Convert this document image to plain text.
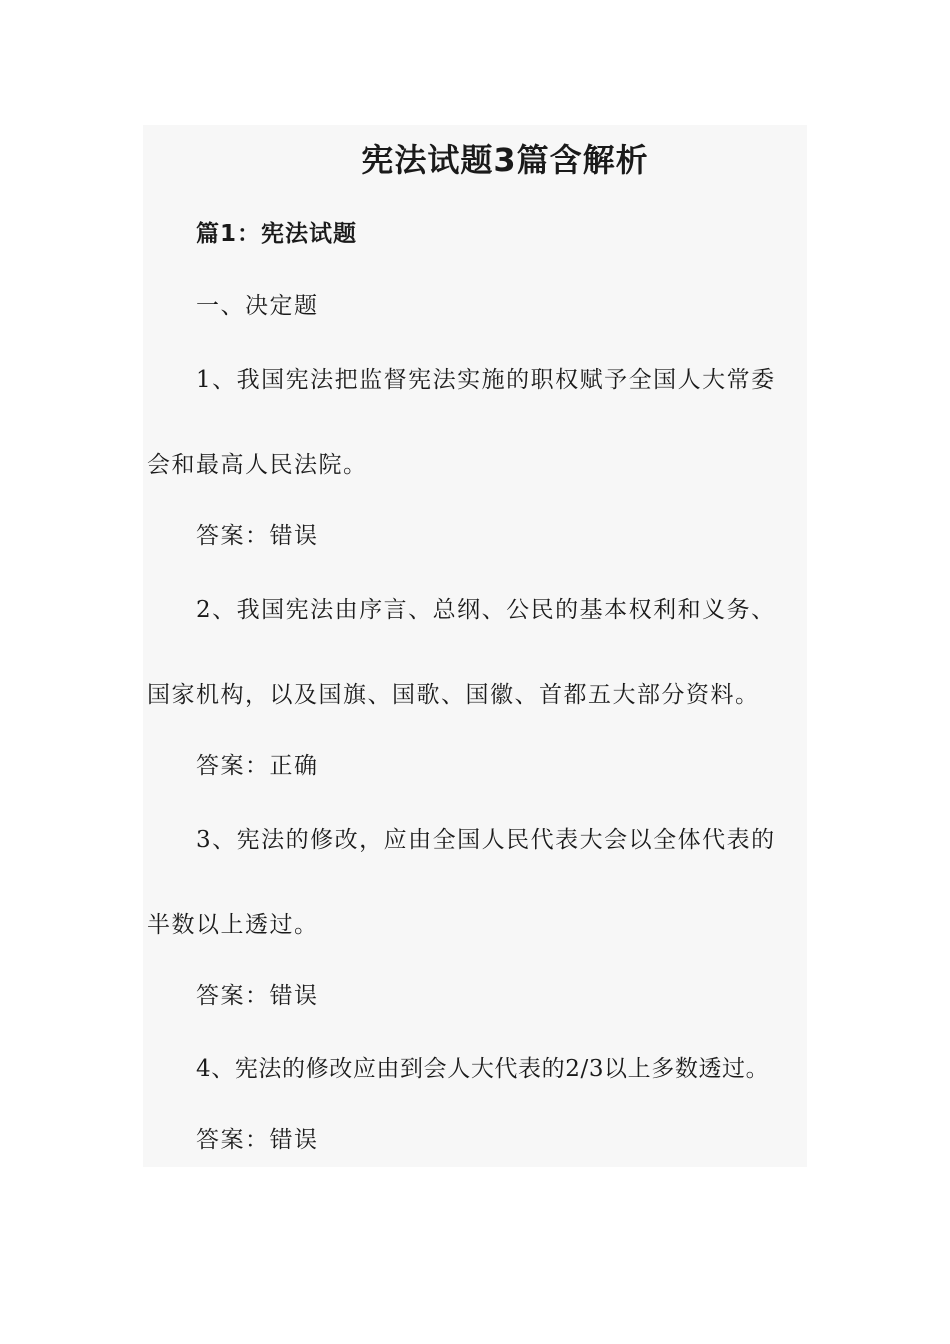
宪法试题3篇含解析
篇1：宪法试题
一、决定题
1、我国宪法把监督宪法实施的职权赋予全国人大常委
会和最高人民法院。
答案：错误
2、我国宪法由序言、总纲、公民的基本权利和义务、
国家机构，以及国旗、国歌、国徽、首都五大部分资料。
答案：正确
3、宪法的修改，应由全国人民代表大会以全体代表的
半数以上透过。
答案：错误
4、宪法的修改应由到会人大代表的2/3以上多数透过。
答案：错误
